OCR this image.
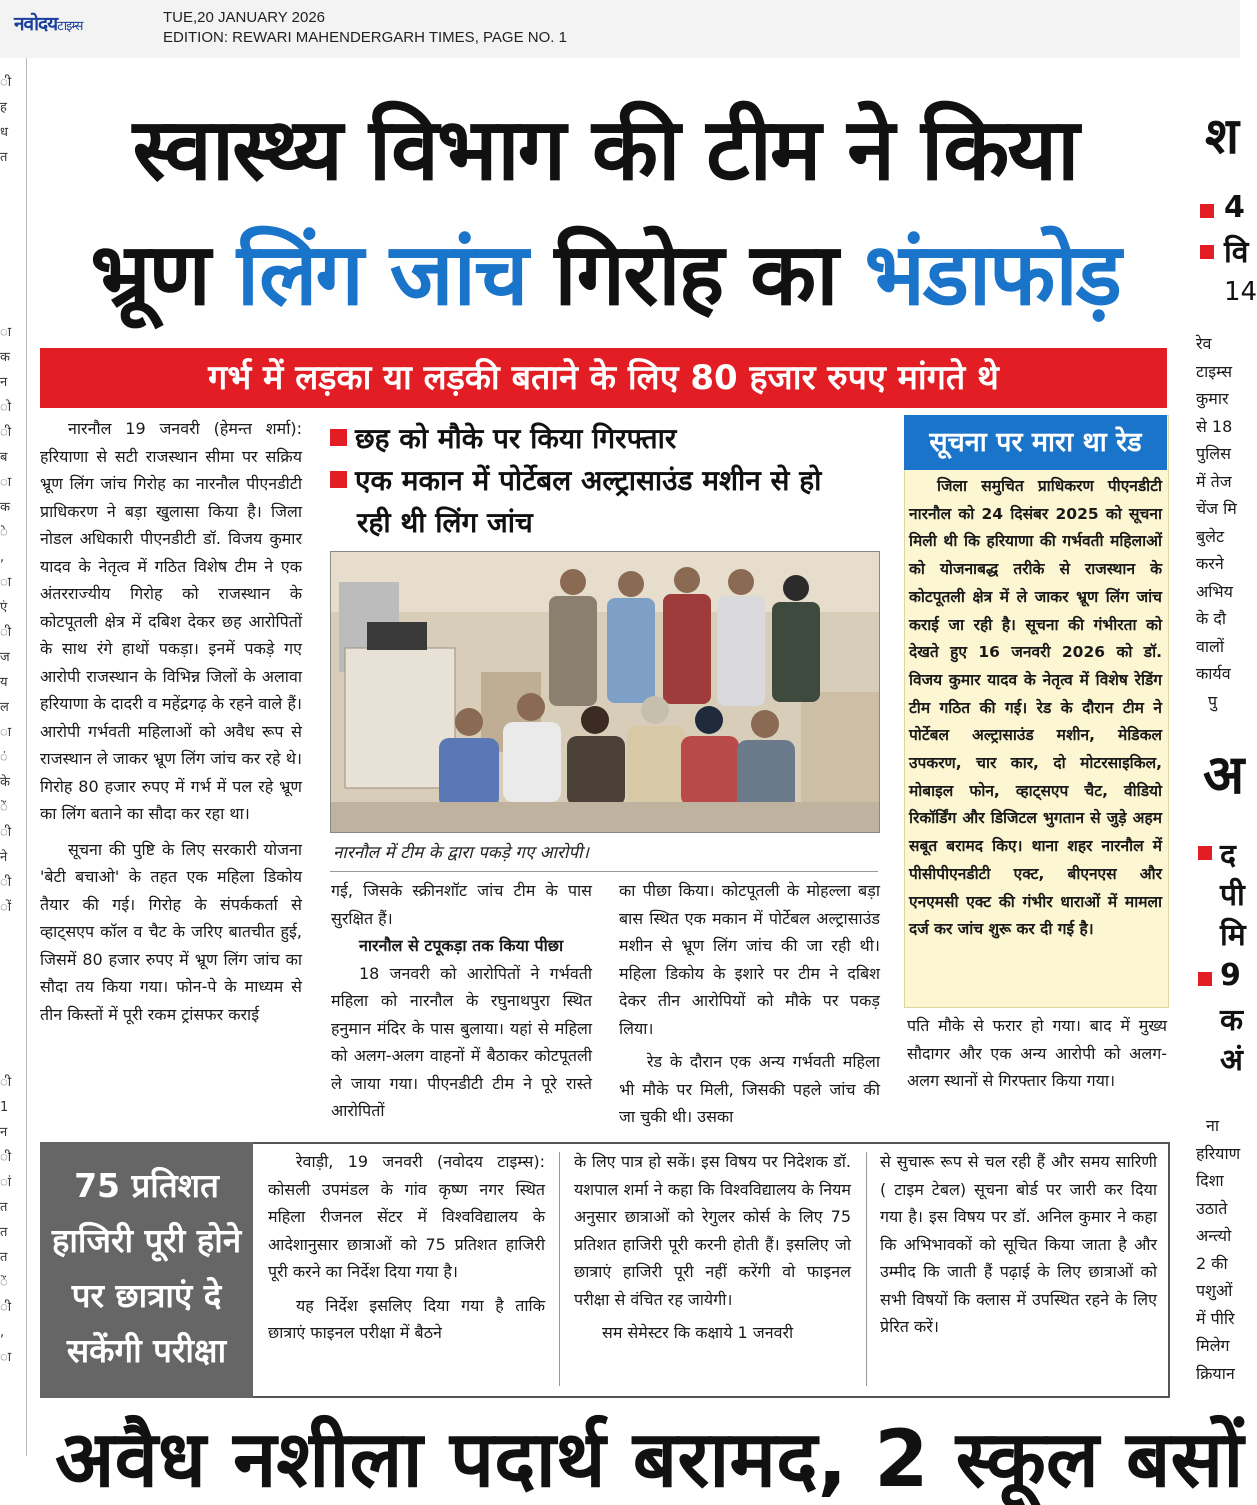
नवोदयटाइम्स
TUE,20 JANUARY 2026
EDITION: REWARI MAHENDERGARH TIMES, PAGE NO. 1
ी
ह
ध
त
ा
क
न
ो
ी
ब
ा
क
े
,
ा
एं
ी
ज
य
ल
ा
ं
के
ें
ी
ने
ी
ों
ी
1
न
ी
ां
त
त
त
ें
ी
,
ा
स्वास्थ्य विभाग की टीम ने किया
भ्रूण लिंग जांच गिरोह का भंडाफोड़
गर्भ में लड़का या लड़की बताने के लिए 80 हजार रुपए मांगते थे

नारनौल 19 जनवरी (हेमन्त शर्मा): हरियाणा से सटी राजस्थान सीमा पर सक्रिय भ्रूण लिंग जांच गिरोह का नारनौल पीएनडीटी प्राधिकरण ने बड़ा खुलासा किया है। जिला नोडल अधिकारी पीएनडीटी डॉ. विजय कुमार यादव के नेतृत्व में गठित विशेष टीम ने एक अंतरराज्यीय गिरोह को राजस्थान के कोटपूतली क्षेत्र में दबिश देकर छह आरोपितों के साथ रंगे हाथों पकड़ा। इनमें पकड़े गए आरोपी राजस्थान के विभिन्न जिलों के अलावा हरियाणा के दादरी व महेंद्रगढ़ के रहने वाले हैं। आरोपी गर्भवती महिलाओं को अवैध रूप से राजस्थान ले जाकर भ्रूण लिंग जांच कर रहे थे। गिरोह 80 हजार रुपए में गर्भ में पल रहे भ्रूण का लिंग बताने का सौदा कर रहा था।

सूचना की पुष्टि के लिए सरकारी योजना 'बेटी बचाओ' के तहत एक महिला डिकोय तैयार की गई। गिरोह के संपर्ककर्ता से व्हाट्सएप कॉल व चैट के जरिए बातचीत हुई, जिसमें 80 हजार रुपए में भ्रूण लिंग जांच का सौदा तय किया गया। फोन-पे के माध्यम से तीन किस्तों में पूरी रकम ट्रांसफर कराई

छह को मौके पर किया गिरफ्तार
एक मकान में पोर्टेबल अल्ट्रासाउंड मशीन से हो
रही थी लिंग जांच
नारनौल में टीम के द्वारा पकड़े गए आरोपी।

गई, जिसके स्क्रीनशॉट जांच टीम के पास सुरक्षित हैं।

नारनौल से टपूकड़ा तक किया पीछा

18 जनवरी को आरोपितों ने गर्भवती महिला को नारनौल के रघुनाथपुरा स्थित हनुमान मंदिर के पास बुलाया। यहां से महिला को अलग-अलग वाहनों में बैठाकर कोटपूतली ले जाया गया। पीएनडीटी टीम ने पूरे रास्ते आरोपितों

का पीछा किया। कोटपूतली के मोहल्ला बड़ा बास स्थित एक मकान में पोर्टेबल अल्ट्रासाउंड मशीन से भ्रूण लिंग जांच की जा रही थी। महिला डिकोय के इशारे पर टीम ने दबिश देकर तीन आरोपियों को मौके पर पकड़ लिया।

रेड के दौरान एक अन्य गर्भवती महिला भी मौके पर मिली, जिसकी पहले जांच की जा चुकी थी। उसका

सूचना पर मारा था रेड

जिला समुचित प्राधिकरण पीएनडीटी नारनौल को 24 दिसंबर 2025 को सूचना मिली थी कि हरियाणा की गर्भवती महिलाओं को योजनाबद्ध तरीके से राजस्थान के कोटपूतली क्षेत्र में ले जाकर भ्रूण लिंग जांच कराई जा रही है। सूचना की गंभीरता को देखते हुए 16 जनवरी 2026 को डॉ. विजय कुमार यादव के नेतृत्व में विशेष रेडिंग टीम गठित की गई। रेड के दौरान टीम ने पोर्टेबल अल्ट्रासाउंड मशीन, मेडिकल उपकरण, चार कार, दो मोटरसाइकिल, मोबाइल फोन, व्हाट्सएप चैट, वीडियो रिकॉर्डिंग और डिजिटल भुगतान से जुड़े अहम सबूत बरामद किए। थाना शहर नारनौल में पीसीपीएनडीटी एक्ट, बीएनएस और एनएमसी एक्ट की गंभीर धाराओं में मामला दर्ज कर जांच शुरू कर दी गई है।

पति मौके से फरार हो गया। बाद में मुख्य सौदागर और एक अन्य आरोपी को अलग-अलग स्थानों से गिरफ्तार किया गया।

श
4
वि
14
रेव
टाइम्स
कुमार
से 18
पुलिस
में तेज
चेंज मि
बुलेट
करने
अभिय
के दौ
वालों
कार्यव
पु
अ
द
पी
मि
9
क
अं
ना
हरियाण
दिशा
उठाते
अन्त्यो
2 की
पशुओं
में पीरि
मिलेग
क्रियान
75 प्रतिशत
हाजिरी पूरी होने
पर छात्राएं दे
सकेंगी परीक्षा

रेवाड़ी, 19 जनवरी (नवोदय टाइम्स): कोसली उपमंडल के गांव कृष्ण नगर स्थित महिला रीजनल सेंटर में विश्वविद्यालय के आदेशानुसार छात्राओं को 75 प्रतिशत हाजिरी पूरी करने का निर्देश दिया गया है।

यह निर्देश इसलिए दिया गया है ताकि छात्राएं फाइनल परीक्षा में बैठने

के लिए पात्र हो सकें। इस विषय पर निदेशक डॉ. यशपाल शर्मा ने कहा कि विश्वविद्यालय के नियम अनुसार छात्राओं को रेगुलर कोर्स के लिए 75 प्रतिशत हाजिरी पूरी करनी होती हैं। इसलिए जो छात्राएं हाजिरी पूरी नहीं करेंगी वो फाइनल परीक्षा से वंचित रह जायेगी।

सम सेमेस्टर कि कक्षाये 1 जनवरी

से सुचारू रूप से चल रही हैं और समय सारिणी ( टाइम टेबल) सूचना बोर्ड पर जारी कर दिया गया है। इस विषय पर डॉ. अनिल कुमार ने कहा कि अभिभावकों को सूचित किया जाता है और उम्मीद कि जाती हैं पढ़ाई के लिए छात्राओं को सभी विषयों कि क्लास में उपस्थित रहने के लिए प्रेरित करें।

अवैध नशीला पदार्थ बरामद, 2 स्कूल बसों
